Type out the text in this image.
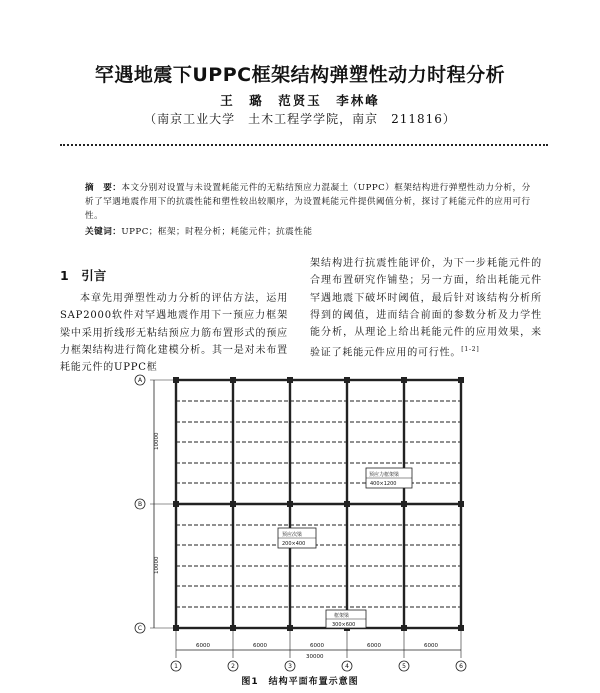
罕遇地震下UPPC框架结构弹塑性动力时程分析
王　璐　范贤玉　李林峰
（南京工业大学　土木工程学学院，南京　211816）
摘　要：本文分别对设置与未设置耗能元件的无粘结预应力混凝土（UPPC）框架结构进行弹塑性动力分析，分析了罕遇地震作用下的抗震性能和塑性较出较顺序，为设置耗能元件提供阈值分析，探讨了耗能元件的应用可行性。
关键词：UPPC；框架；时程分析；耗能元件；抗震性能
1　引言

本章先用弹塑性动力分析的评估方法，运用SAP2000软件对罕遇地震作用下一预应力框架梁中采用折线形无粘结预应力筋布置形式的预应力框架结构进行简化建模分析。其一是对未布置耗能元件的UPPC框

架结构进行抗震性能评价，为下一步耗能元件的合理布置研究作铺垫；另一方面，给出耗能元件罕遇地震下破坏时阈值，最后针对该结构分析所得到的阈值，进而结合前面的参数分析及力学性能分析，从理论上给出耗能元件的应用效果，来验证了耗能元件应用的可行性。[1-2]

预应力框架梁
400×1200
预应次梁
200×400
框架梁
300×600
10000
10000
6000	6000	6000	6000	6000
30000
A
B
C
1	2	3	4	5	6
图1　结构平面布置示意图
